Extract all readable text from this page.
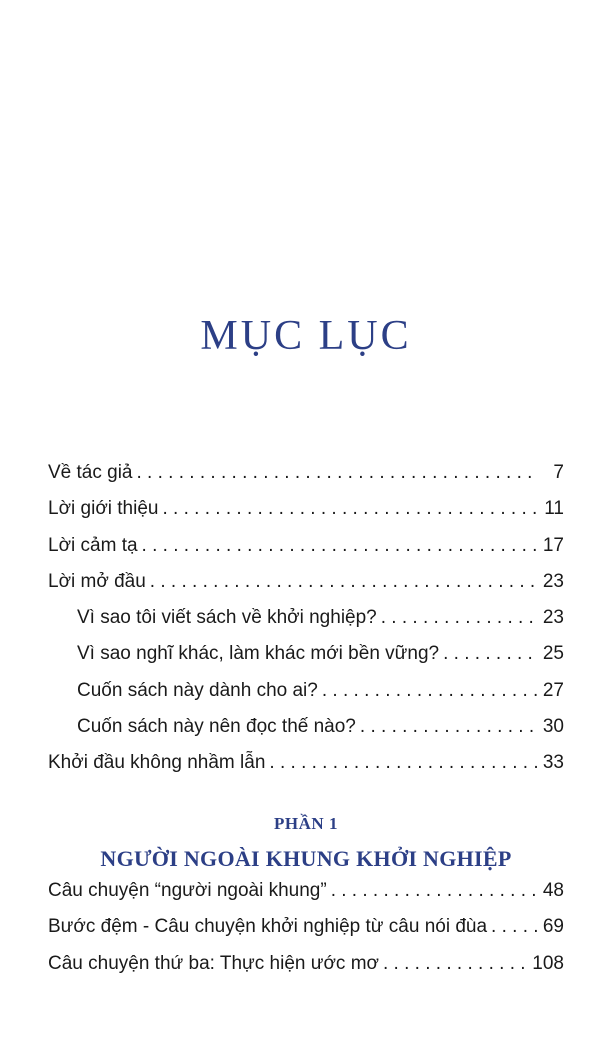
MỤC LỤC
Về tác giả . . .	7
Lời giới thiệu . . .	11
Lời cảm tạ . . .	17
Lời mở đầu . . .	23
Vì sao tôi viết sách về khởi nghiệp? . . .	23
Vì sao nghĩ khác, làm khác mới bền vững? . . .	25
Cuốn sách này dành cho ai? . . .	27
Cuốn sách này nên đọc thế nào? . . .	30
Khởi đầu không nhầm lẫn . . .	33
PHẦN 1
NGƯỜI NGOÀI KHUNG KHỞI NGHIỆP
Câu chuyện “người ngoài khung” . . .	48
Bước đệm - Câu chuyện khởi nghiệp từ câu nói đùa . . .	69
Câu chuyện thứ ba: Thực hiện ước mơ . . .	108
